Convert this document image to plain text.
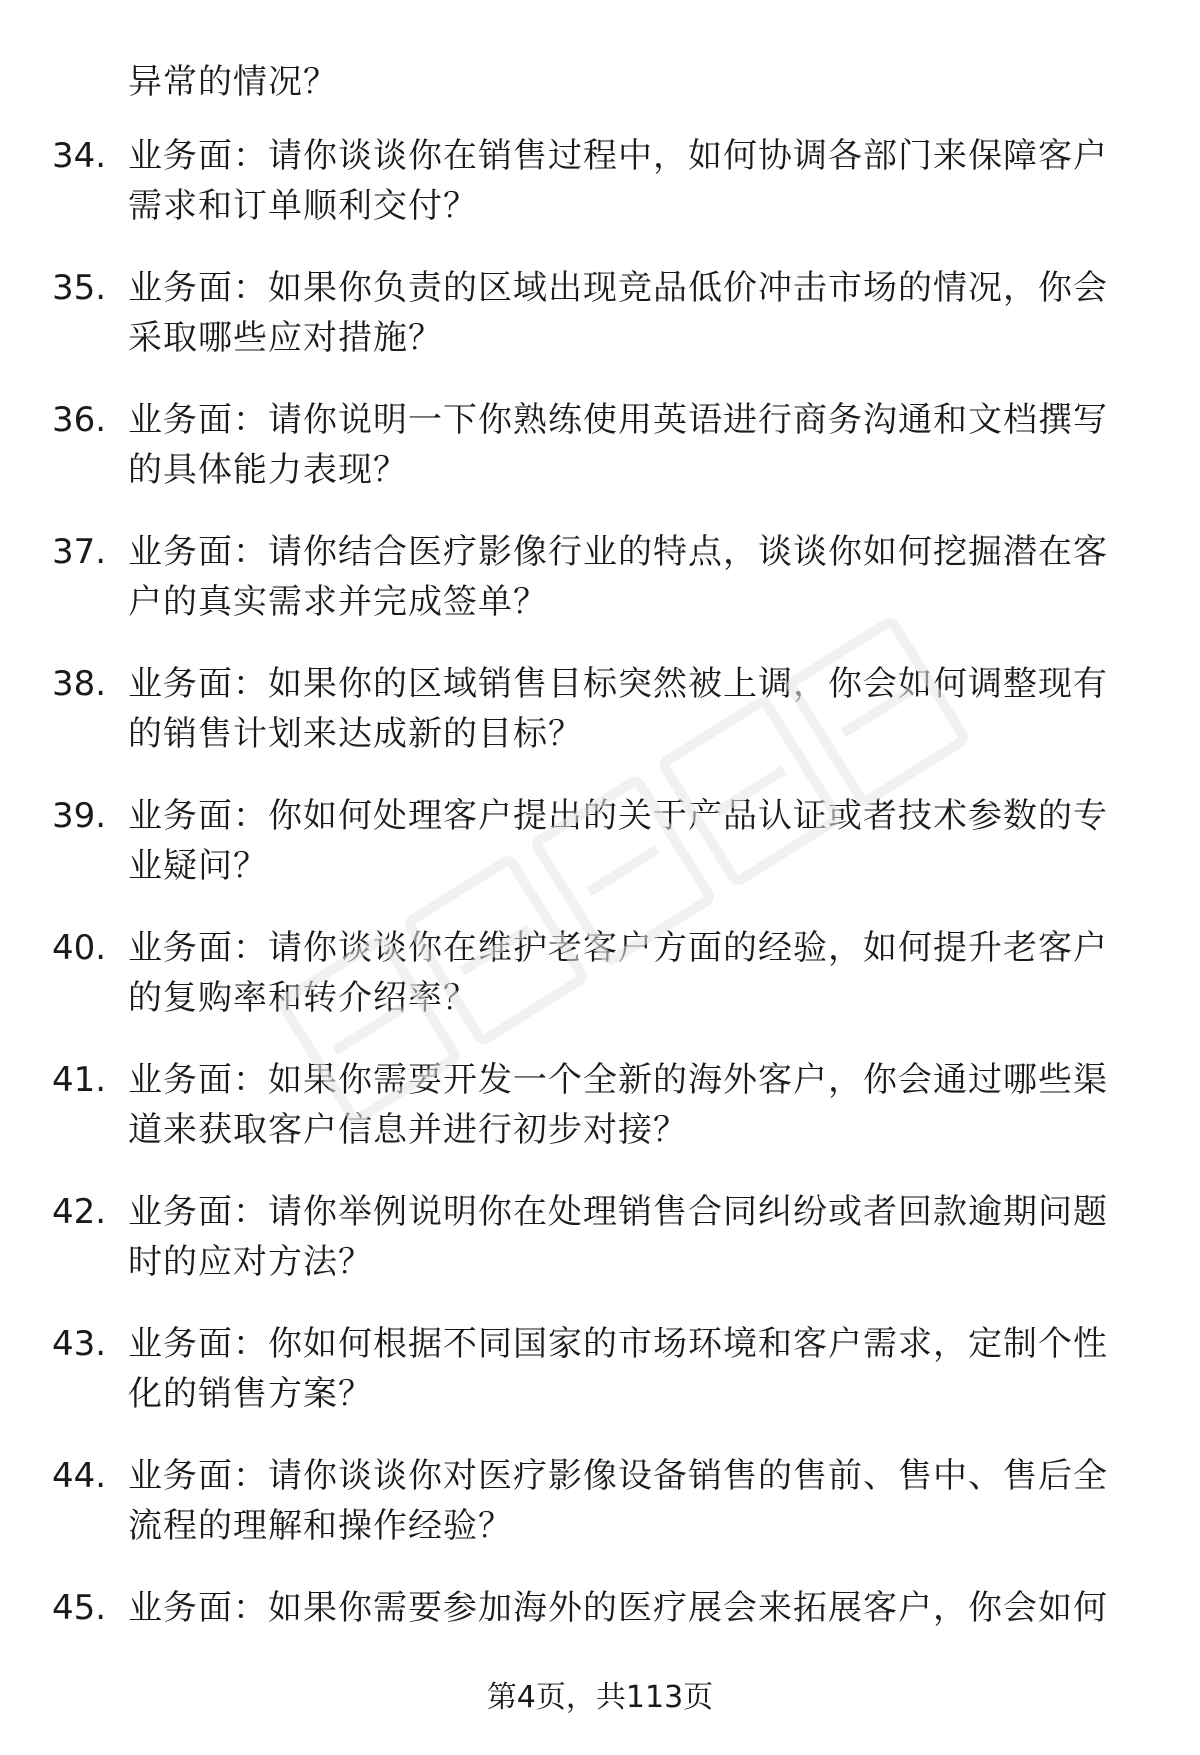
异常的情况？
34. 业务面：请你谈谈你在销售过程中，如何协调各部门来保障客户
需求和订单顺利交付？
35. 业务面：如果你负责的区域出现竞品低价冲击市场的情况，你会
采取哪些应对措施？
36. 业务面：请你说明一下你熟练使用英语进行商务沟通和文档撰写
的具体能力表现？
37. 业务面：请你结合医疗影像行业的特点，谈谈你如何挖掘潜在客
户的真实需求并完成签单？
38. 业务面：如果你的区域销售目标突然被上调，你会如何调整现有
的销售计划来达成新的目标？
39. 业务面：你如何处理客户提出的关于产品认证或者技术参数的专
业疑问？
40. 业务面：请你谈谈你在维护老客户方面的经验，如何提升老客户
的复购率和转介绍率？
41. 业务面：如果你需要开发一个全新的海外客户，你会通过哪些渠
道来获取客户信息并进行初步对接？
42. 业务面：请你举例说明你在处理销售合同纠纷或者回款逾期问题
时的应对方法？
43. 业务面：你如何根据不同国家的市场环境和客户需求，定制个性
化的销售方案？
44. 业务面：请你谈谈你对医疗影像设备销售的售前、售中、售后全
流程的理解和操作经验？
45. 业务面：如果你需要参加海外的医疗展会来拓展客户，你会如何
第4页，共113页
